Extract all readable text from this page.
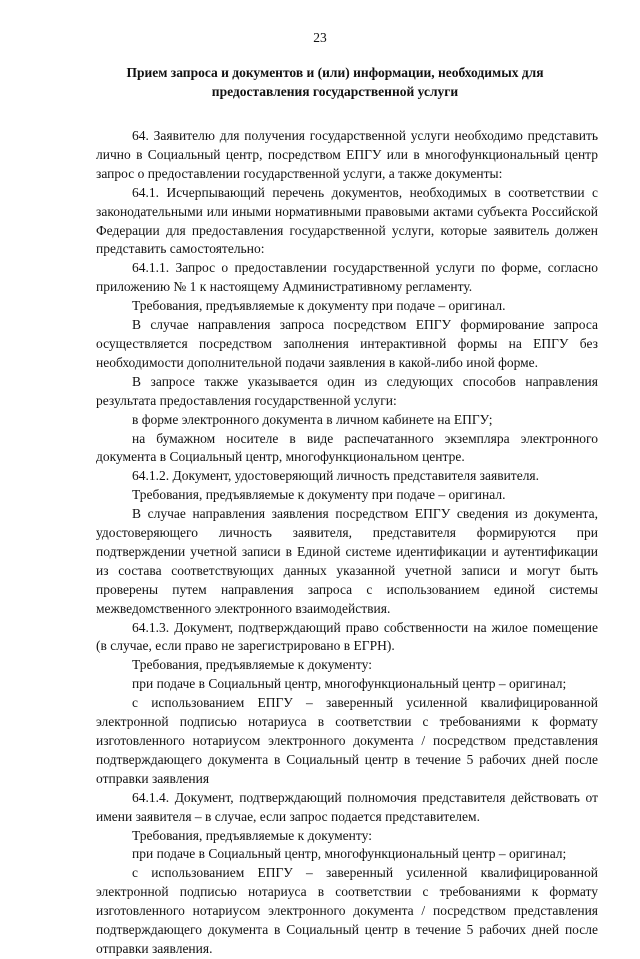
23
Прием запроса и документов и (или) информации, необходимых для
предоставления государственной услуги

64. Заявителю для получения государственной услуги необходимо представить лично в Социальный центр, посредством ЕПГУ или в многофункциональный центр запрос о предоставлении государственной услуги, а также документы:

64.1. Исчерпывающий перечень документов, необходимых в соответствии с законодательными или иными нормативными правовыми актами субъекта Российской Федерации для предоставления государственной услуги, которые заявитель должен представить самостоятельно:

64.1.1. Запрос о предоставлении государственной услуги по форме, согласно приложению № 1 к настоящему Административному регламенту.

Требования, предъявляемые к документу при подаче – оригинал.

В случае направления запроса посредством ЕПГУ формирование запроса осуществляется посредством заполнения интерактивной формы на ЕПГУ без необходимости дополнительной подачи заявления в какой-либо иной форме.

В запросе также указывается один из следующих способов направления результата предоставления государственной услуги:

в форме электронного документа в личном кабинете на ЕПГУ;

на бумажном носителе в виде распечатанного экземпляра электронного документа в Социальный центр, многофункциональном центре.

64.1.2. Документ, удостоверяющий личность представителя заявителя.

Требования, предъявляемые к документу при подаче – оригинал.

В случае направления заявления посредством ЕПГУ сведения из документа, удостоверяющего личность заявителя, представителя формируются при подтверждении учетной записи в Единой системе идентификации и аутентификации из состава соответствующих данных указанной учетной записи и могут быть проверены путем направления запроса с использованием единой системы межведомственного электронного взаимодействия.

64.1.3. Документ, подтверждающий право собственности на жилое помещение (в случае, если право не зарегистрировано в ЕГРН).

Требования, предъявляемые к документу:

при подаче в Социальный центр, многофункциональный центр – оригинал;

с использованием ЕПГУ – заверенный усиленной квалифицированной электронной подписью нотариуса в соответствии с требованиями к формату изготовленного нотариусом электронного документа / посредством представления подтверждающего документа в Социальный центр в течение 5 рабочих дней после отправки заявления

64.1.4. Документ, подтверждающий полномочия представителя действовать от имени заявителя – в случае, если запрос подается представителем.

Требования, предъявляемые к документу:

при подаче в Социальный центр, многофункциональный центр – оригинал;

с использованием ЕПГУ – заверенный усиленной квалифицированной электронной подписью нотариуса в соответствии с требованиями к формату изготовленного нотариусом электронного документа / посредством представления подтверждающего документа в Социальный центр в течение 5 рабочих дней после отправки заявления.
